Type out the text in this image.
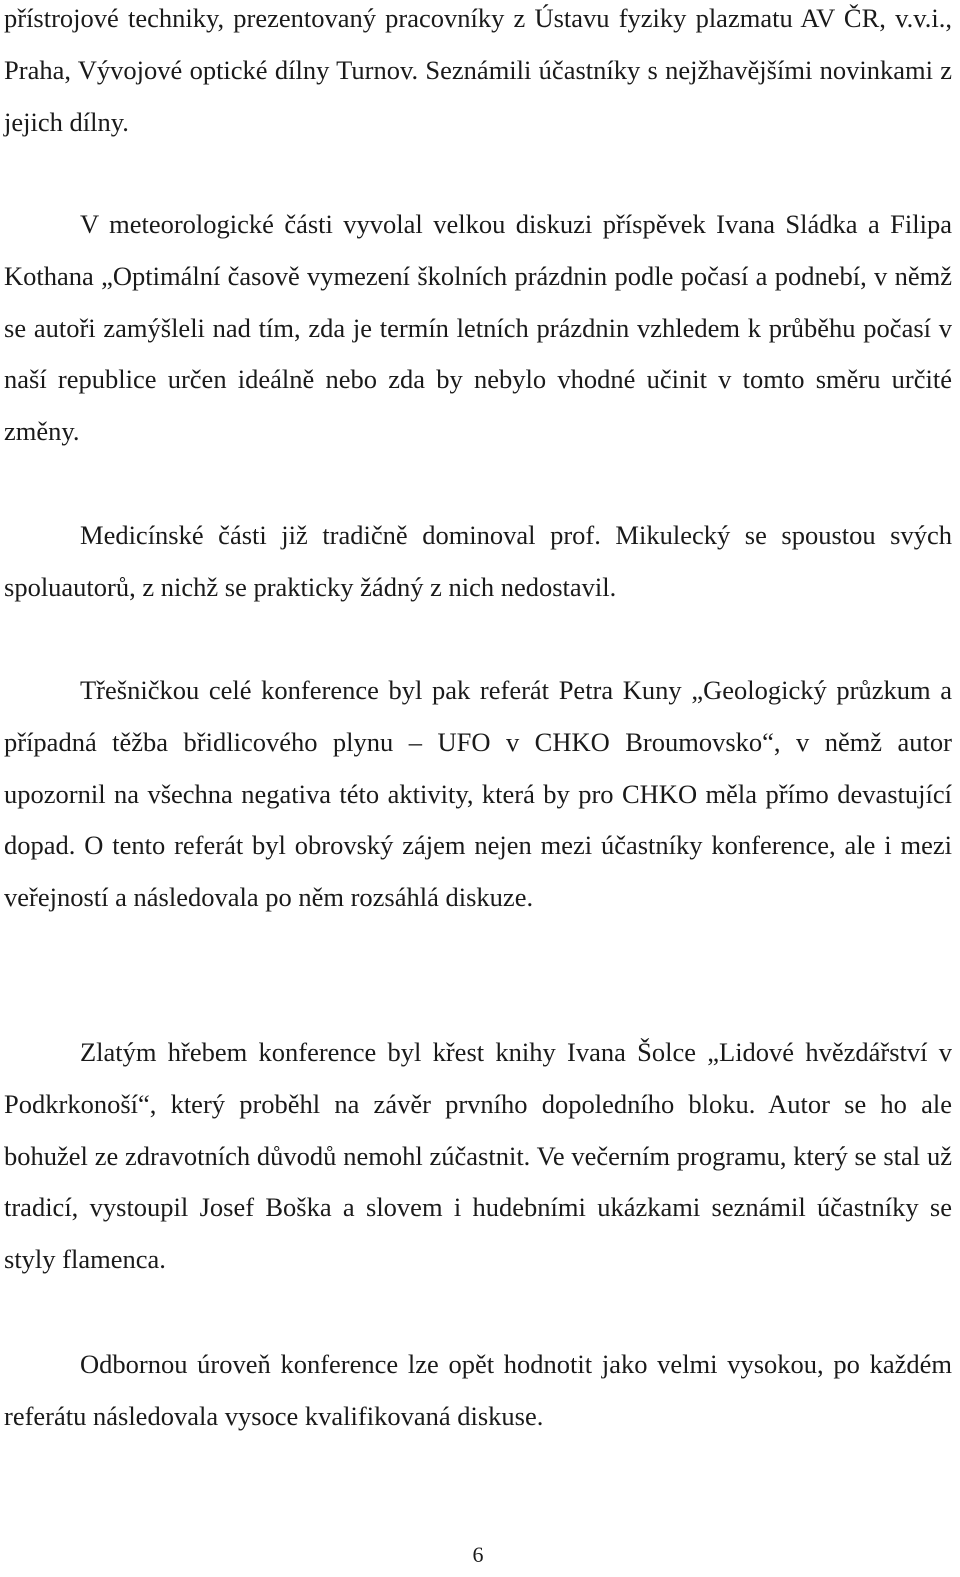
přístrojové techniky, prezentovaný pracovníky z Ústavu fyziky plazmatu AV ČR, v.v.i., Praha, Vývojové optické dílny Turnov. Seznámili účastníky s nejžhavějšími novinkami z jejich dílny.

V meteorologické části vyvolal velkou diskuzi příspěvek Ivana Sládka a Filipa Kothana „Optimální časově vymezení školních prázdnin podle počasí a podnebí, v němž se autoři zamýšleli nad tím, zda je termín letních prázdnin vzhledem k průběhu počasí v naší republice určen ideálně nebo zda by nebylo vhodné učinit v tomto směru určité změny.

Medicínské části již tradičně dominoval prof. Mikulecký se spoustou svých spoluautorů, z nichž se prakticky žádný z nich nedostavil.

Třešničkou celé konference byl pak referát Petra Kuny „Geologický průzkum a případná těžba břidlicového plynu – UFO v CHKO Broumovsko“, v němž autor upozornil na všechna negativa této aktivity, která by pro CHKO měla přímo devastující dopad. O tento referát byl obrovský zájem nejen mezi účastníky konference, ale i mezi veřejností a následovala po něm rozsáhlá diskuze.

Zlatým hřebem konference byl křest knihy Ivana Šolce „Lidové hvězdářství v Podkrkonoší“, který proběhl na závěr prvního dopoledního bloku. Autor se ho ale bohužel ze zdravotních důvodů nemohl zúčastnit. Ve večerním programu, který se stal už tradicí, vystoupil Josef Boška a slovem i hudebními ukázkami seznámil účastníky se styly flamenca.

Odbornou úroveň konference lze opět hodnotit jako velmi vysokou, po každém referátu následovala vysoce kvalifikovaná diskuse.

6
